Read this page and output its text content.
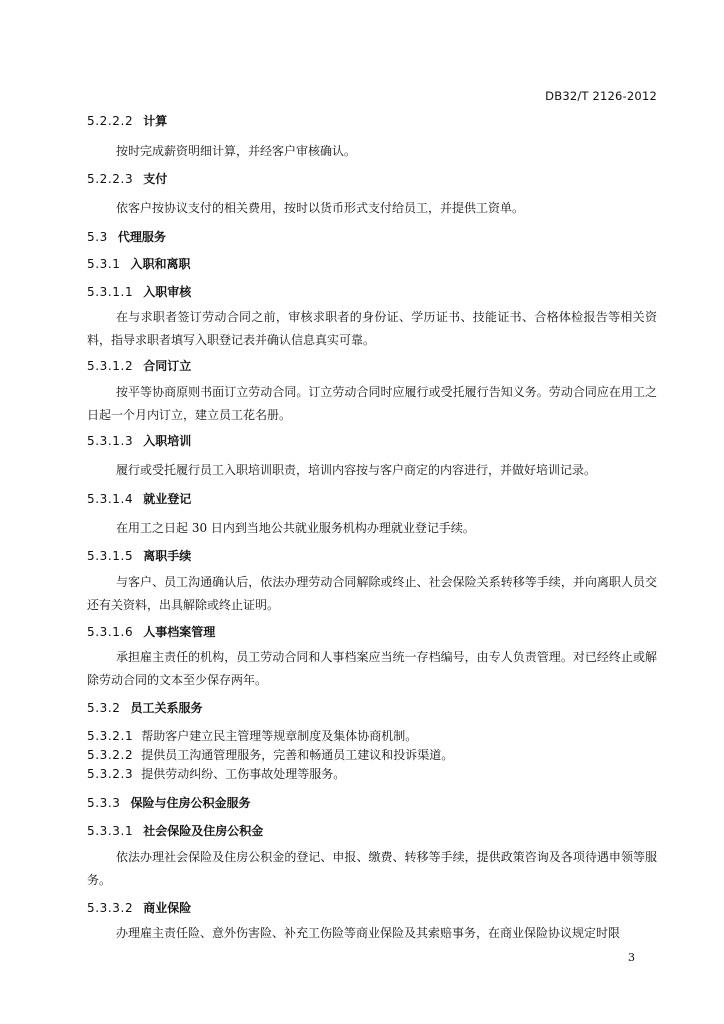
DB32/T 2126-2012
5.2.2.2 计算
按时完成薪资明细计算，并经客户审核确认。
5.2.2.3 支付
依客户按协议支付的相关费用，按时以货币形式支付给员工，并提供工资单。
5.3 代理服务
5.3.1 入职和离职
5.3.1.1 入职审核
在与求职者签订劳动合同之前，审核求职者的身份证、学历证书、技能证书、合格体检报告等相关资料，指导求职者填写入职登记表并确认信息真实可靠。
5.3.1.2 合同订立
按平等协商原则书面订立劳动合同。订立劳动合同时应履行或受托履行告知义务。劳动合同应在用工之日起一个月内订立，建立员工花名册。
5.3.1.3 入职培训
履行或受托履行员工入职培训职责，培训内容按与客户商定的内容进行，并做好培训记录。
5.3.1.4 就业登记
在用工之日起 30 日内到当地公共就业服务机构办理就业登记手续。
5.3.1.5 离职手续
与客户、员工沟通确认后，依法办理劳动合同解除或终止、社会保险关系转移等手续，并向离职人员交还有关资料，出具解除或终止证明。
5.3.1.6 人事档案管理
承担雇主责任的机构，员工劳动合同和人事档案应当统一存档编号，由专人负责管理。对已经终止或解除劳动合同的文本至少保存两年。
5.3.2 员工关系服务
5.3.2.1 帮助客户建立民主管理等规章制度及集体协商机制。
5.3.2.2 提供员工沟通管理服务，完善和畅通员工建议和投诉渠道。
5.3.2.3 提供劳动纠纷、工伤事故处理等服务。
5.3.3 保险与住房公积金服务
5.3.3.1 社会保险及住房公积金
依法办理社会保险及住房公积金的登记、申报、缴费、转移等手续，提供政策咨询及各项待遇申领等服务。
5.3.3.2 商业保险
办理雇主责任险、意外伤害险、补充工伤险等商业保险及其索赔事务，在商业保险协议规定时限
3
